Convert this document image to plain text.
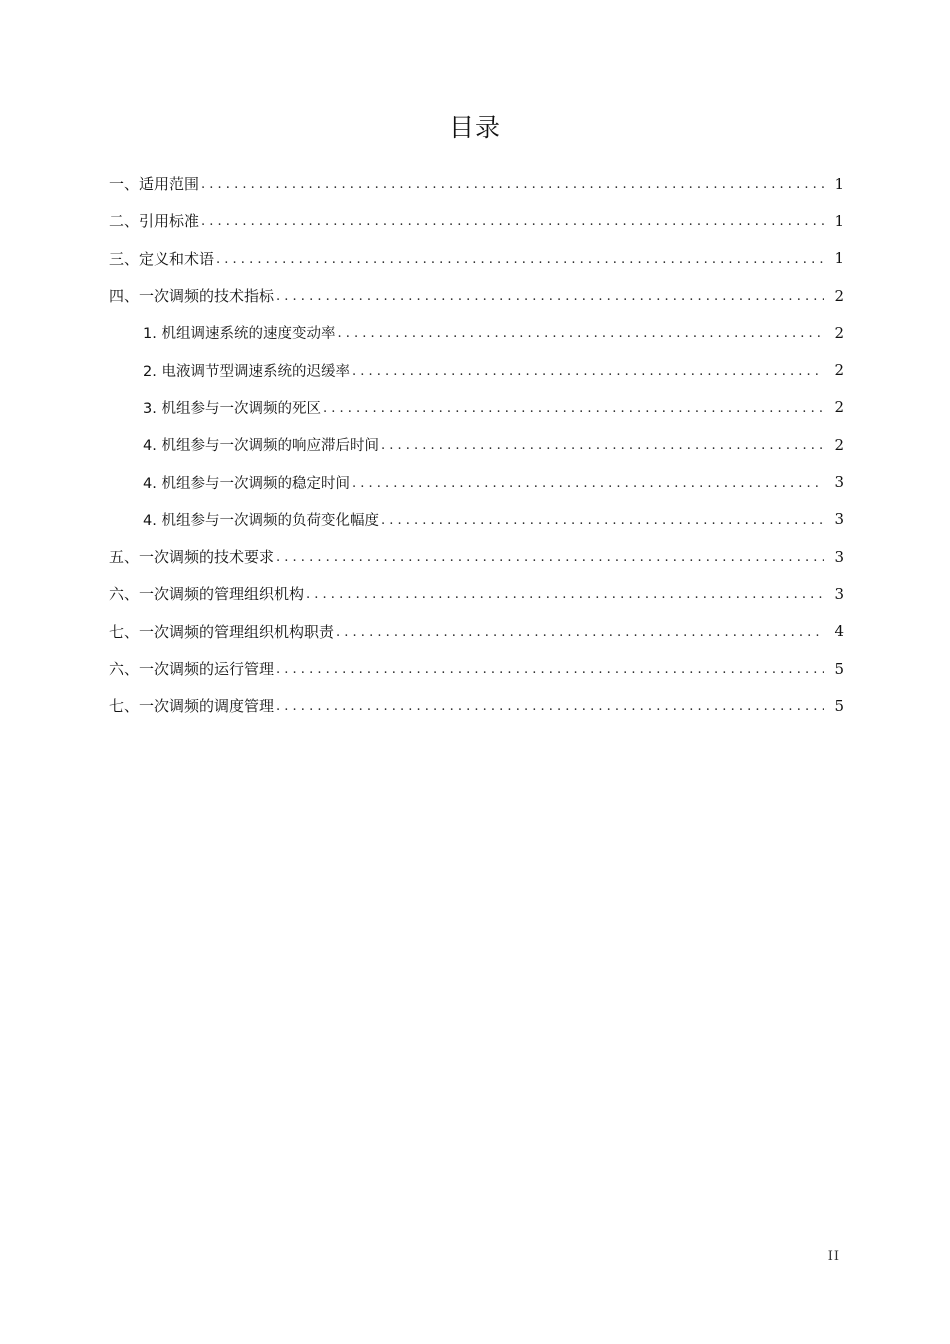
目录
一、适用范围 . . .	1
二、引用标准 . . .	1
三、定义和术语 . . .	1
四、一次调频的技术指标 . . .	2
1. 机组调速系统的速度变动率 . . .	2
2. 电液调节型调速系统的迟缓率 . . .	2
3. 机组参与一次调频的死区 . . .	2
4. 机组参与一次调频的响应滞后时间 . . .	2
4. 机组参与一次调频的稳定时间 . . .	3
4. 机组参与一次调频的负荷变化幅度 . . .	3
五、一次调频的技术要求 . . .	3
六、一次调频的管理组织机构 . . .	3
七、一次调频的管理组织机构职责 . . .	4
六、一次调频的运行管理 . . .	5
七、一次调频的调度管理 . . .	5
II
